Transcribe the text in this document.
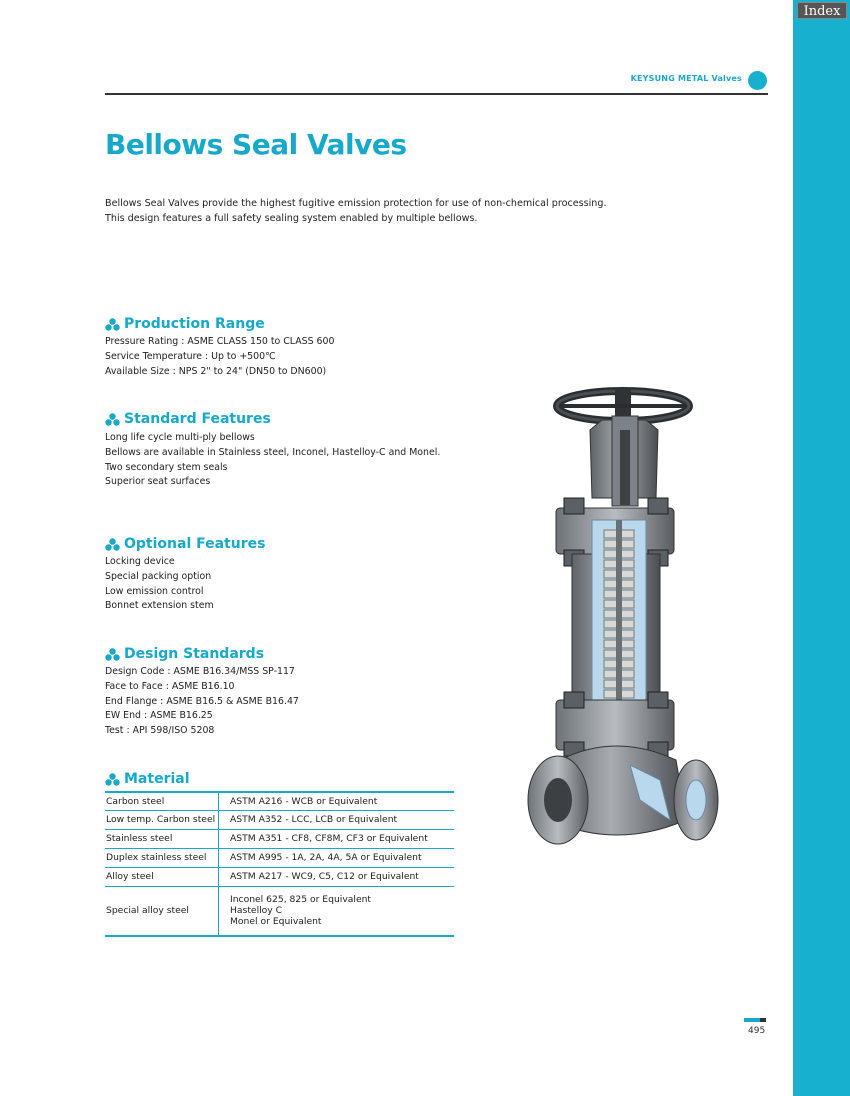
Index
KEYSUNG METAL Valves
Bellows Seal Valves
Bellows Seal Valves provide the highest fugitive emission protection for use of non-chemical processing.
This design features a full safety sealing system enabled by multiple bellows.
Production Range
Pressure Rating : ASME CLASS 150 to CLASS 600
Service Temperature : Up to +500℃
Available Size : NPS 2" to 24" (DN50 to DN600)
Standard Features
Long life cycle multi-ply bellows
Bellows are available in Stainless steel, Inconel, Hastelloy-C and Monel.
Two secondary stem seals
Superior seat surfaces
Optional Features
Locking device
Special packing option
Low emission control
Bonnet extension stem
Design Standards
Design Code : ASME B16.34/MSS SP-117
Face to Face : ASME B16.10
End Flange : ASME B16.5 & ASME B16.47
EW End : ASME B16.25
Test : API 598/ISO 5208
Material
Carbon steel	ASTM A216 - WCB or Equivalent
Low temp. Carbon steel	ASTM A352 - LCC, LCB or Equivalent
Stainless steel	ASTM A351 - CF8, CF8M, CF3 or Equivalent
Duplex stainless steel	ASTM A995 - 1A, 2A, 4A, 5A or Equivalent
Alloy steel	ASTM A217 - WC9, C5, C12 or Equivalent
Special alloy steel	Inconel 625, 825 or Equivalent
Hastelloy C
Monel or Equivalent
495
